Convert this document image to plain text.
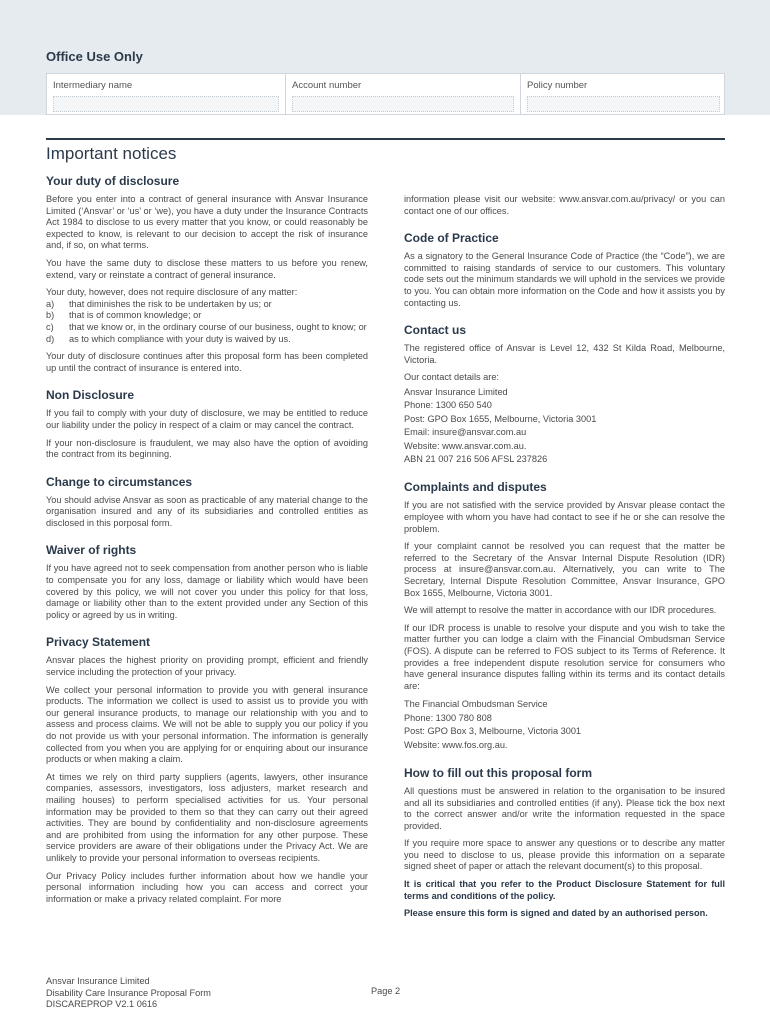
Office Use Only
Intermediary name	Account number	Policy number
Important notices
Your duty of disclosure

Before you enter into a contract of general insurance with Ansvar Insurance Limited (‘Ansvar’ or ‘us’ or ‘we), you have a duty under the Insurance Contracts Act 1984 to disclose to us every matter that you know, or could reasonably be expected to know, is relevant to our decision to accept the risk of insurance and, if so, on what terms.

You have the same duty to disclose these matters to us before you renew, extend, vary or reinstate a contract of general insurance.

Your duty, however, does not require disclosure of any matter:

a)	that diminishes the risk to be undertaken by us; or
b)	that is of common knowledge; or
c)	that we know or, in the ordinary course of our business, ought to know; or
d)	as to which compliance with your duty is waived by us.

Your duty of disclosure continues after this proposal form has been completed up until the contract of insurance is entered into.

Non Disclosure

If you fail to comply with your duty of disclosure, we may be entitled to reduce our liability under the policy in respect of a claim or may cancel the contract.

If your non-disclosure is fraudulent, we may also have the option of avoiding the contract from its beginning.

Change to circumstances

You should advise Ansvar as soon as practicable of any material change to the organisation insured and any of its subsidiaries and controlled entities as disclosed in this porposal form.

Waiver of rights

If you have agreed not to seek compensation from another person who is liable to compensate you for any loss, damage or liability which would have been covered by this policy, we will not cover you under this policy for that loss, damage or liability other than to the extent provided under any Section of this policy or agreed by us in writing.

Privacy Statement

Ansvar places the highest priority on providing prompt, efficient and friendly service including the protection of your privacy.

We collect your personal information to provide you with general insurance products. The information we collect is used to assist us to provide you with our general insurance products, to manage our relationship with you and to assess and process claims. We will not be able to supply you our policy if you do not provide us with your personal information. The information is generally collected from you when you are applying for or enquiring about our insurance products or when making a claim.

At times we rely on third party suppliers (agents, lawyers, other insurance companies, assessors, investigators, loss adjusters, market research and mailing houses) to perform specialised activities for us. Your personal information may be provided to them so that they can carry out their agreed activities. They are bound by confidentiality and non-disclosure agreements and are prohibited from using the information for any other purpose. These service providers are aware of their obligations under the Privacy Act. We are unlikely to provide your personal information to overseas recipients.

Our Privacy Policy includes further information about how we handle your personal information including how you can access and correct your information or make a privacy related complaint. For more

information please visit our website: www.ansvar.com.au/privacy/ or you can contact one of our offices.

Code of Practice

As a signatory to the General Insurance Code of Practice (the “Code”), we are committed to raising standards of service to our customers. This voluntary code sets out the minimum standards we will uphold in the services we provide to you. You can obtain more information on the Code and how it assists you by contacting us.

Contact us

The registered office of Ansvar is Level 12, 432 St Kilda Road, Melbourne, Victoria.

Our contact details are:

Ansvar Insurance Limited

Phone: 1300 650 540

Post: GPO Box 1655, Melbourne, Victoria 3001

Email: insure@ansvar.com.au

Website: www.ansvar.com.au.

ABN 21 007 216 506 AFSL 237826

Complaints and disputes

If you are not satisfied with the service provided by Ansvar please contact the employee with whom you have had contact to see if he or she can resolve the problem.

If your complaint cannot be resolved you can request that the matter be referred to the Secretary of the Ansvar Internal Dispute Resolution (IDR) process at insure@ansvar.com.au. Alternatively, you can write to The Secretary, Internal Dispute Resolution Committee, Ansvar Insurance, GPO Box 1655, Melbourne, Victoria 3001.

We will attempt to resolve the matter in accordance with our IDR procedures.

If our IDR process is unable to resolve your dispute and you wish to take the matter further you can lodge a claim with the Financial Ombudsman Service (FOS). A dispute can be referred to FOS subject to its Terms of Reference. It provides a free independent dispute resolution service for consumers who have general insurance disputes falling within its terms and its contact details are:

The Financial Ombudsman Service

Phone: 1300 780 808

Post: GPO Box 3, Melbourne, Victoria 3001

Website: www.fos.org.au.

How to fill out this proposal form

All questions must be answered in relation to the organisation to be insured and all its subsidiaries and controlled entities (if any). Please tick the box next to the correct answer and/or write the information requested in the space provided.

If you require more space to answer any questions or to describe any matter you need to disclose to us, please provide this information on a separate signed sheet of paper or attach the relevant document(s) to this proposal.

It is critical that you refer to the Product Disclosure Statement for full terms and conditions of the policy.

Please ensure this form is signed and dated by an authorised person.

Ansvar Insurance Limited
Disability Care Insurance Proposal Form
DISCAREPROP V2.1 0616
Page 2
